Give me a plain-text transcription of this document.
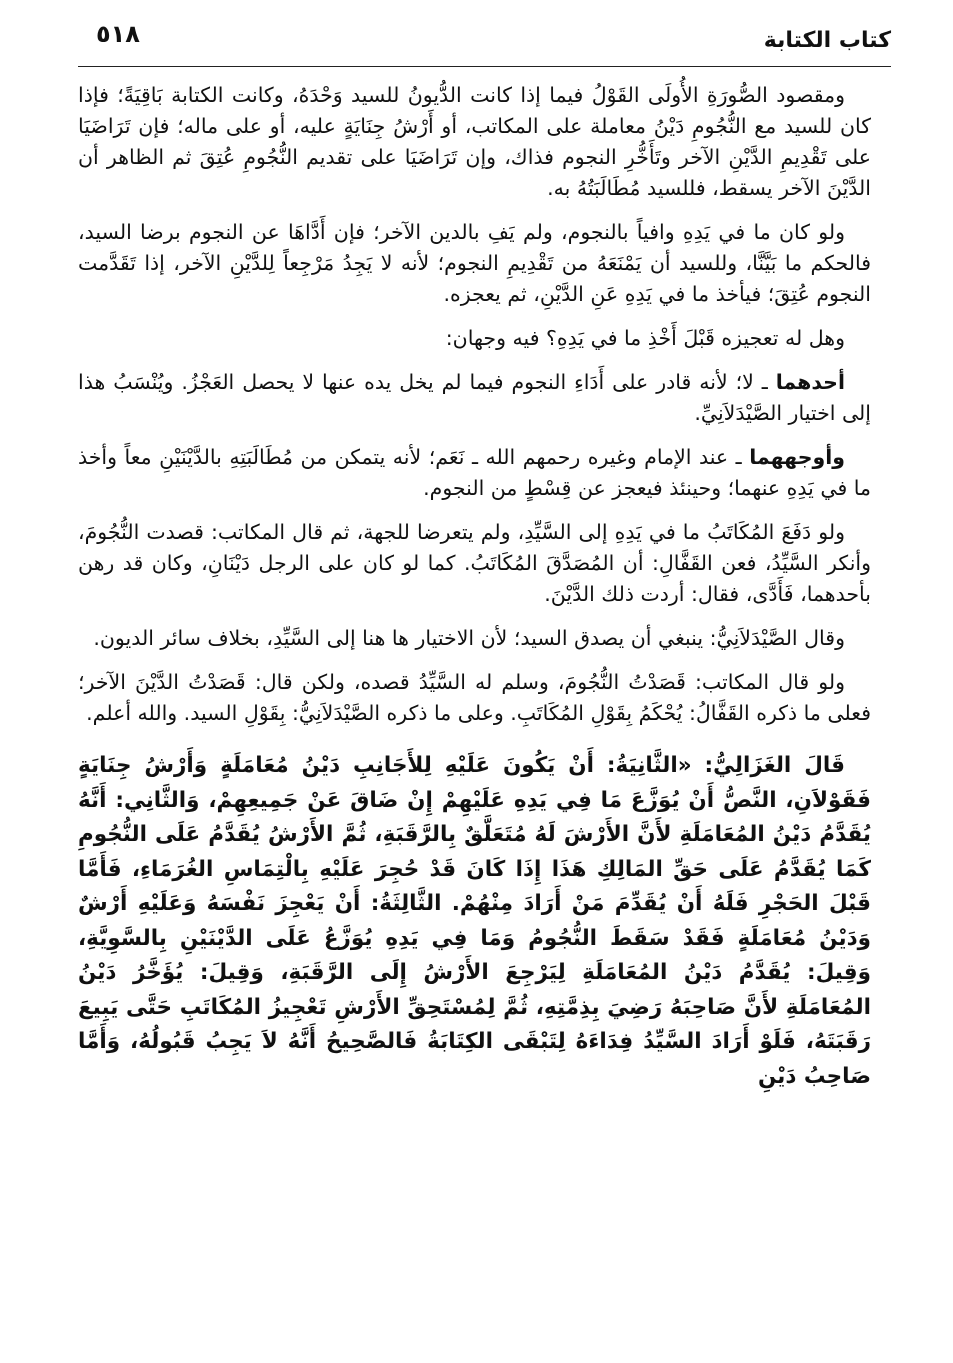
كتاب الكتابة
٥١٨

ومقصود الصُّورَةِ الأُولَى القَوْلُ فيما إذا كانت الدُّيونُ للسيد وَحْدَهُ، وكانت الكتابة بَاقِيَةً؛ فإذا كان للسيد مع النُّجُومِ دَيْنُ معاملة على المكاتب، أو أَرْشُ جِنَايَةٍ عليه، أو على ماله؛ فإن تَرَاضَيَا على تَقْدِيمِ الدَّيْنِ الآخر وتَأَخُّرِ النجوم فذاك، وإن تَرَاضَيَا على تقديم النُّجُومِ عُتِقَ ثم الظاهر أن الدَّيْنَ الآخر يسقط، فللسيد مُطَالَبَتُهُ به.

ولو كان ما في يَدِهِ وافياً بالنجوم، ولم يَفِ بالدين الآخر؛ فإن أَدَّاهَا عن النجوم برضا السيد، فالحكم ما بَيَّنَّا، وللسيد أن يَمْنَعَهُ من تَقْدِيمِ النجوم؛ لأنه لا يَجِدُ مَرْجِعاً لِلدَّيْنِ الآخر، إذا تَقَدَّمت النجوم عُتِقَ؛ فيأخذ ما في يَدِهِ عَنِ الدَّيْنِ، ثم يعجزه.

وهل له تعجيزه قَبْلَ أَخْذِ ما في يَدِهِ؟ فيه وجهان:

أحدهما ـ لا؛ لأنه قادر على أَدَاءِ النجوم فيما لم يخل يده عنها لا يحصل العَجْزُ. ويُنْسَبُ هذا إلى اختيار الصَّيْدَلاَنِيِّ.

وأوجههما ـ عند الإمام وغيره رحمهم الله ـ نَعَم؛ لأنه يتمكن من مُطَالَبَتِهِ بالدَّيْنَيْنِ معاً وأخذ ما في يَدِهِ عنهما؛ وحينئذ فيعجز عن قِسْطٍ من النجوم.

ولو دَفَعَ المُكَاتَبُ ما في يَدِهِ إلى السَّيِّدِ، ولم يتعرضا للجهة، ثم قال المكاتب: قصدت النُّجُومَ، وأنكر السَّيِّدُ، فعن القَفَّالِ: أن المُصَدَّقَ المُكَاتَبُ. كما لو كان على الرجل دَيْنَانِ، وكان قد رهن بأحدهما، فَأَدَّى، فقال: أردت ذلك الدَّيْنَ.

وقال الصَّيْدَلاَنِيُّ: ينبغي أن يصدق السيد؛ لأن الاختيار ها هنا إلى السَّيِّدِ، بخلاف سائر الديون.

ولو قال المكاتب: قَصَدْتُ النُّجُومَ، وسلم له السَّيِّدُ قصده، ولكن قال: قَصَدْتُ الدَّيْنَ الآخر؛ فعلى ما ذكره القَفَّالُ: يُحْكَمُ بِقَوْلِ المُكَاتَبِ. وعلى ما ذكره الصَّيْدَلاَنِيُّ: بِقَوْلِ السيد. والله أعلم.

قَالَ الغَزَالِيُّ: «الثَّانِيَةُ: أَنْ يَكُونَ عَلَيْهِ لِلأَجَانِبِ دَيْنُ مُعَامَلَةٍ وَأَرْشُ جِنَايَةٍ فَقَوْلاَنِ، النَّصُّ أَنْ يُوَزَّعَ مَا فِي يَدِهِ عَلَيْهِمْ إِنْ ضَاقَ عَنْ جَمِيعِهِمْ، وَالثَّانِي: أَنَّهُ يُقَدَّمُ دَيْنُ المُعَامَلَةِ لأَنَّ الأَرْشَ لَهُ مُتَعَلَّقٌ بِالرَّقَبَةِ، ثُمَّ الأَرْشُ يُقَدَّمُ عَلَى النُّجُومِ كَمَا يُقَدَّمُ عَلَى حَقِّ المَالِكِ هَذَا إِذَا كَانَ قَدْ حُجِرَ عَلَيْهِ بِالْتِمَاسِ الغُرَمَاءِ، فَأَمَّا قَبْلَ الحَجْرِ فَلَهُ أَنْ يُقَدِّمَ مَنْ أَرَادَ مِنْهُمْ. الثَّالِثَةُ: أَنْ يَعْجِزَ نَفْسَهُ وَعَلَيْهِ أَرْشٌ وَدَيْنُ مُعَامَلَةٍ فَقَدْ سَقَطَ النُّجُومُ وَمَا فِي يَدِهِ يُوَزَّعُ عَلَى الدَّيْنَيْنِ بِالسَّوِيَّةِ، وَقِيلَ: يُقَدَّمُ دَيْنُ المُعَامَلَةِ لِيَرْجِعَ الأَرْشُ إِلَى الرَّقَبَةِ، وَقِيلَ: يُؤَخَّرُ دَيْنُ المُعَامَلَةِ لأَنَّ صَاحِبَهُ رَضِيَ بِذِمَّتِهِ، ثُمَّ لِمُسْتَحِقِّ الأَرْشِ تَعْجِيزُ المُكَاتَبِ حَتَّى يَبِيعَ رَقَبَتَهُ، فَلَوْ أَرَادَ السَّيِّدُ فِدَاءَهُ لِتَبْقَى الكِتَابَةُ فَالصَّحِيحُ أَنَّهُ لاَ يَجِبُ قَبُولُهُ، وَأَمَّا صَاحِبُ دَيْنِ
